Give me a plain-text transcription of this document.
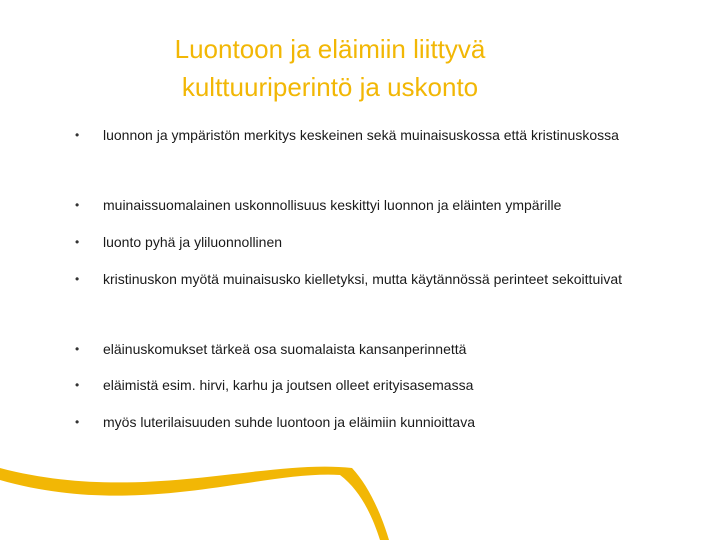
Luontoon ja eläimiin liittyvä
kulttuuriperintö ja uskonto
•	luonnon ja ympäristön merkitys keskeinen sekä muinaisuskossa että kristinuskossa
•	muinaissuomalainen uskonnollisuus keskittyi luonnon ja eläinten ympärille
•	luonto pyhä ja yliluonnollinen
•	kristinuskon myötä muinaisusko kielletyksi, mutta käytännössä perinteet sekoittuivat
•	eläinuskomukset tärkeä osa suomalaista kansanperinnettä
•	eläimistä esim. hirvi, karhu ja joutsen olleet erityisasemassa
•	myös luterilaisuuden suhde luontoon ja eläimiin kunnioittava
